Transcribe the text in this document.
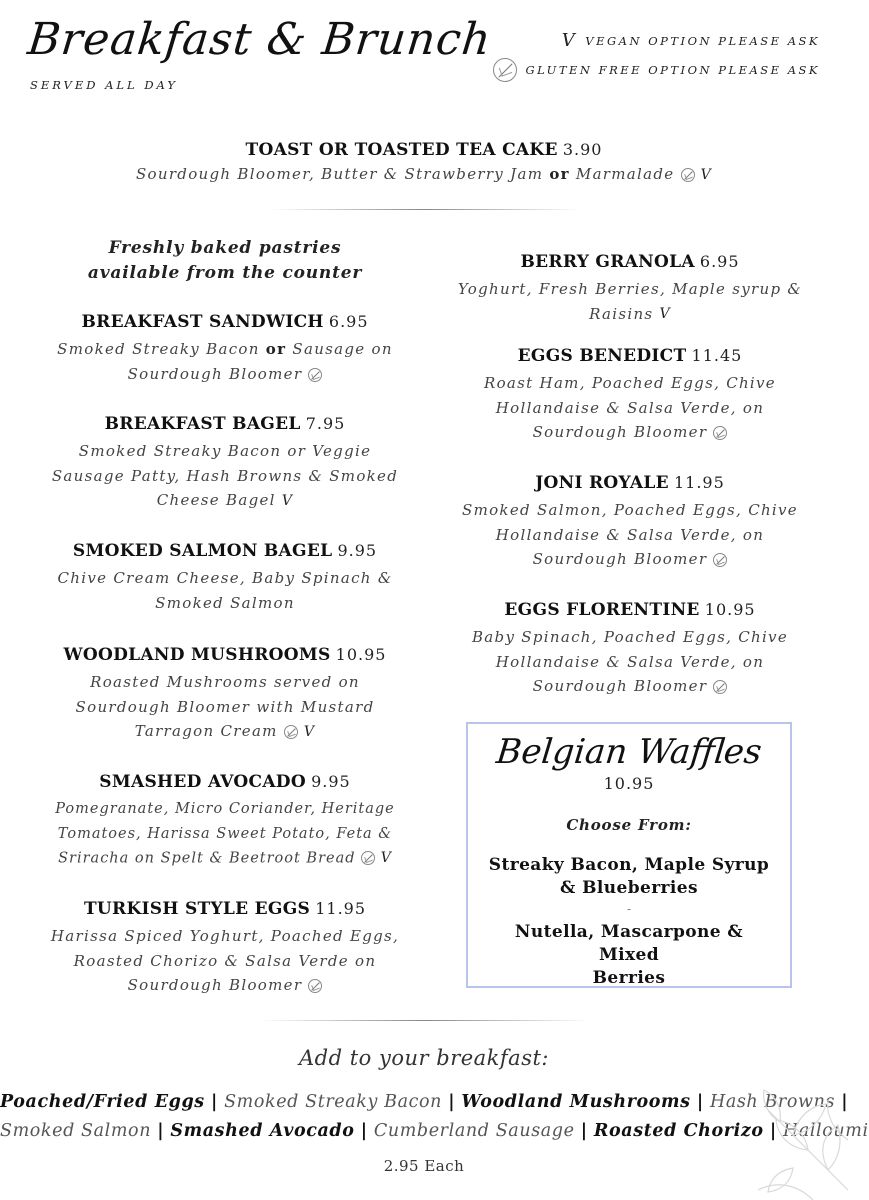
Breakfast & Brunch
SERVED ALL DAY
V VEGAN OPTION PLEASE ASK
GLUTEN FREE OPTION PLEASE ASK
TOAST OR TOASTED TEA CAKE 3.90
Sourdough Bloomer, Butter & Strawberry Jam or Marmalade V
Freshly baked pastries
available from the counter
BREAKFAST SANDWICH 6.95
Smoked Streaky Bacon or Sausage on
Sourdough Bloomer
BREAKFAST BAGEL 7.95
Smoked Streaky Bacon or Veggie
Sausage Patty, Hash Browns & Smoked
Cheese Bagel V
SMOKED SALMON BAGEL 9.95
Chive Cream Cheese, Baby Spinach &
Smoked Salmon
WOODLAND MUSHROOMS 10.95
Roasted Mushrooms served on
Sourdough Bloomer with Mustard
Tarragon Cream V
SMASHED AVOCADO 9.95
Pomegranate, Micro Coriander, Heritage
Tomatoes, Harissa Sweet Potato, Feta &
Sriracha on Spelt & Beetroot Bread V
TURKISH STYLE EGGS 11.95
Harissa Spiced Yoghurt, Poached Eggs,
Roasted Chorizo & Salsa Verde on
Sourdough Bloomer
BERRY GRANOLA 6.95
Yoghurt, Fresh Berries, Maple syrup &
Raisins V
EGGS BENEDICT 11.45
Roast Ham, Poached Eggs, Chive
Hollandaise & Salsa Verde, on
Sourdough Bloomer
JONI ROYALE 11.95
Smoked Salmon, Poached Eggs, Chive
Hollandaise & Salsa Verde, on
Sourdough Bloomer
EGGS FLORENTINE 10.95
Baby Spinach, Poached Eggs, Chive
Hollandaise & Salsa Verde, on
Sourdough Bloomer
Belgian Waffles
10.95
Choose From:
Streaky Bacon, Maple Syrup
& Blueberries
-
Nutella, Mascarpone & Mixed
Berries
Add to your breakfast:
Poached/Fried Eggs | Smoked Streaky Bacon | Woodland Mushrooms | Hash Browns |
Smoked Salmon | Smashed Avocado | Cumberland Sausage | Roasted Chorizo | Halloumi
2.95 Each
